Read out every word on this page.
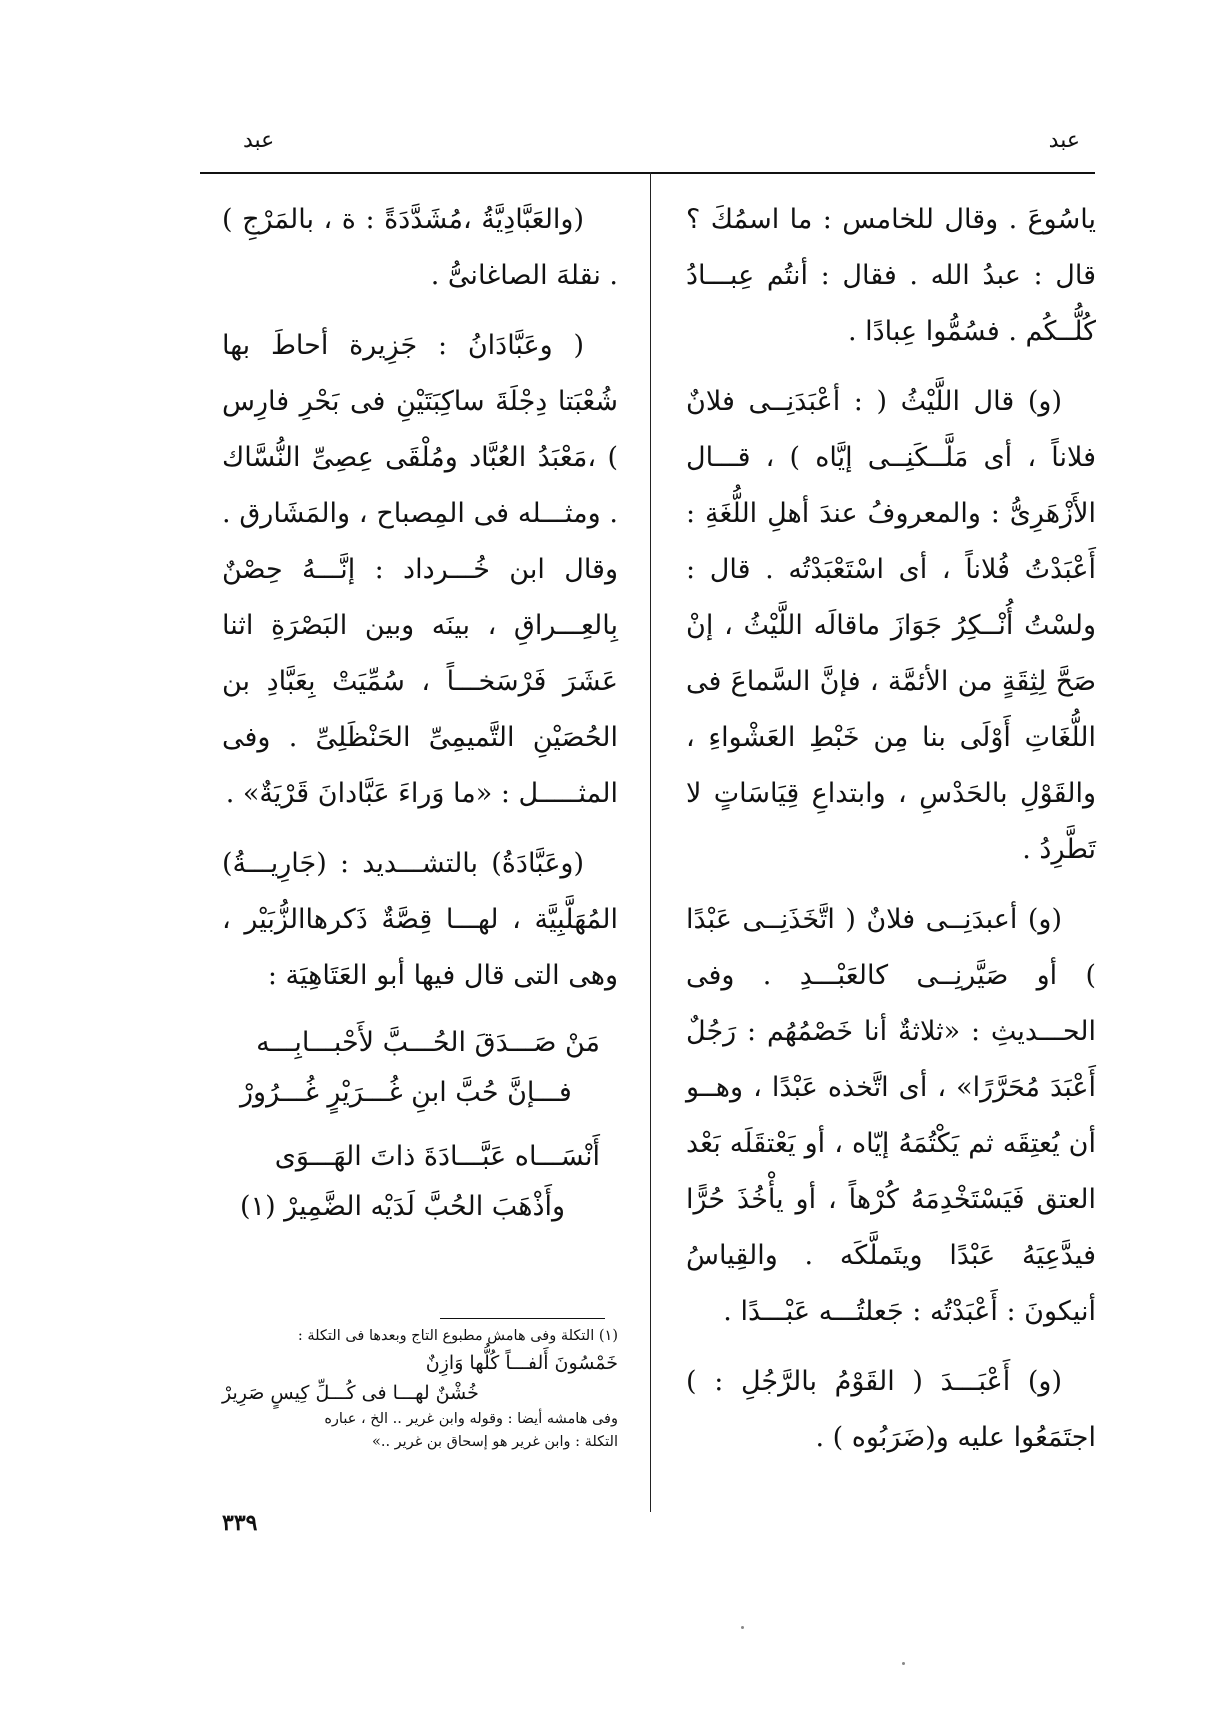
عبد
عبد

ياسُوعَ . وقال للخامس : ما اسمُكَ ؟ قال : عبدُ الله . فقال : أنتُم عِبـــادُ كُلُّــكُم . فسُمُّوا عِبادًا .

(و) قال اللَّيْثُ ( : أعْبَدَنِــى فلانٌ فلاناً ، أى مَلَّــكَنِــى إيَّاه ) ، قـــال الأَزْهَرِىُّ : والمعروفُ عندَ أهلِ اللُّغَةِ : أَعْبَدْتُ فُلاناً ، أى اسْتَعْبَدْتُه . قال : ولسْتُ أُنْــكِرُ جَوَازَ ماقالَه اللَّيْثُ ، إنْ صَحَّ لِثِقَةٍ من الأئمَّة ، فإنَّ السَّماعَ فى اللُّغَاتِ أَوْلَى بنا مِن خَبْطِ العَشْواءِ ، والقَوْلِ بالحَدْسِ ، وابتداعِ قِيَاسَاتٍ لا تَطَّرِدُ .

(و) أعبدَنِــى فلانٌ ( اتَّخَذَنِــى عَبْدًا ) أو صَيَّرنِــى كالعَبْـــدِ . وفى الحـــديثِ : «ثلاثةٌ أنا خَصْمُهُم : رَجُلٌ أَعْبَدَ مُحَرَّرًا» ، أى اتَّخذه عَبْدًا ، وهــو أن يُعتِقَه ثم يَكْتُمَهُ إيّاه ، أو يَعْتقَلَه بَعْد العتق فَيَسْتَخْدِمَهُ كُرْهاً ، أو يأْخُذَ حُرًّا فيدَّعِيَهُ عَبْدًا ويتَملَّكَه . والقِياسُ أنيكونَ : أَعْبَدْتُه : جَعلتُـــه عَبْـــدًا .

(و) أَعْبَـــدَ ( القَوْمُ بالرَّجُلِ : ) اجتَمَعُوا عليه و(ضَرَبُوه ) .

(والعَبَّادِيَّةُ ،مُشَدَّدَةً : ة ، بالمَرْجِ ) . نقلهَ الصاغانىُّ .

( وعَبَّادَانُ : جَزِيرة أحاطَ بها شُعْبَتا دِجْلَةَ ساكِبَتَيْنِ فى بَحْرِ فارِس ) ،مَعْبَدُ العُبَّاد ومُلْقَى عِصِىِّ النُّسَّاك . ومثـــله فى المِصباح ، والمَشَارق . وقال ابن خُـــرداد : إنَّـــهُ حِصْنٌ بِالعِـــراقِ ، بينَه وبين البَصْرَةِ اثنا عَشَرَ فَرْسَخـــاً ، سُمِّيَتْ بِعَبَّادِ بن الحُصَيْنِ التَّميمِىِّ الحَنْظَلِىِّ . وفى المثـــــل : «ما وَراءَ عَبَّادانَ قَرْيَةٌ» .

(وعَبَّادَةُ) بالتشـــديد : (جَارِيـــةُ) المُهَلَّبِيَّة ، لهـــا قِصَّةٌ ذَكرهاالزُّبَيْر ، وهى التى قال فيها أبو العَتَاهِيَة :

مَنْ صَـــدَقَ الحُـــبَّ لأَحْبـــابِـــه
فـــإنَّ حُبَّ ابنِ غُـــرَيْرٍ غُـــرُورْ
أَنْسَـــاه عَبَّـــادَةَ ذاتَ الهَـــوَى
وأَذْهَبَ الحُبَّ لَدَيْه الضَّمِيرْ (١)
(١) التكلة وفى هامش مطبوع التاج وبعدها فى التكلة :
خَمْسُونَ أَلفـــاً كُلُّها وَازِنٌ
خُشْنٌ لهـــا فى كُـــلِّ كِيسٍ صَرِيرْ
وفى هامشه أيضا : وقوله وابن غرير .. الخ ، عباره
التكلة : وابن غرير هو إسحاق بن غرير ..»
٣٣٩
